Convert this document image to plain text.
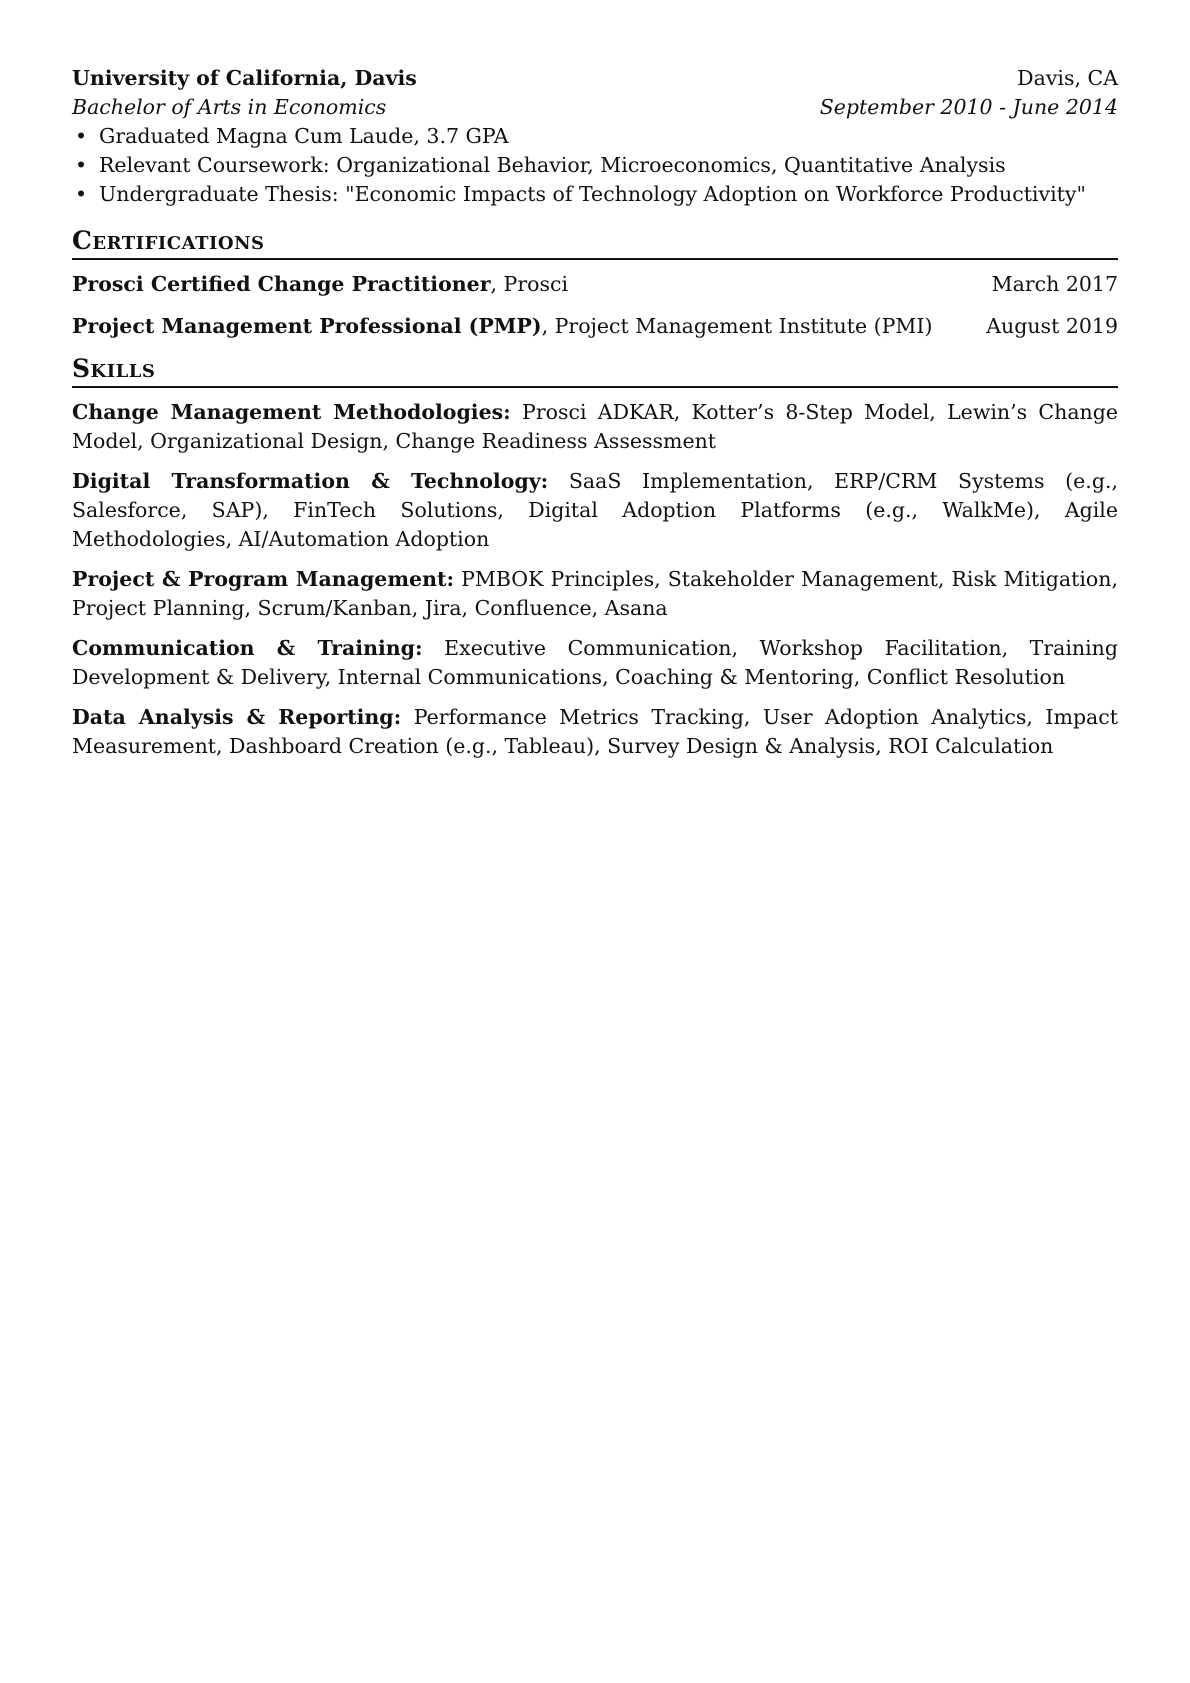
University of California, Davis	Davis, CA
Bachelor of Arts in Economics	September 2010 - June 2014
• Graduated Magna Cum Laude, 3.7 GPA
• Relevant Coursework: Organizational Behavior, Microeconomics, Quantitative Analysis
• Undergraduate Thesis: "Economic Impacts of Technology Adoption on Workforce Productivity"
Certifications
Prosci Certified Change Practitioner, Prosci	March 2017
Project Management Professional (PMP), Project Management Institute (PMI)	August 2019
Skills
Change Management Methodologies: Prosci ADKAR, Kotter’s 8-Step Model, Lewin’s Change Model, Organizational Design, Change Readiness Assessment
Digital Transformation & Technology: SaaS Implementation, ERP/CRM Systems (e.g., Salesforce, SAP), FinTech Solutions, Digital Adoption Platforms (e.g., WalkMe), Agile Methodologies, AI/Automation Adoption
Project & Program Management: PMBOK Principles, Stakeholder Management, Risk Mitigation, Project Planning, Scrum/Kanban, Jira, Confluence, Asana
Communication & Training: Executive Communication, Workshop Facilitation, Training Development & Delivery, Internal Communications, Coaching & Mentoring, Conflict Resolution
Data Analysis & Reporting: Performance Metrics Tracking, User Adoption Analytics, Impact Measurement, Dashboard Creation (e.g., Tableau), Survey Design & Analysis, ROI Calculation
